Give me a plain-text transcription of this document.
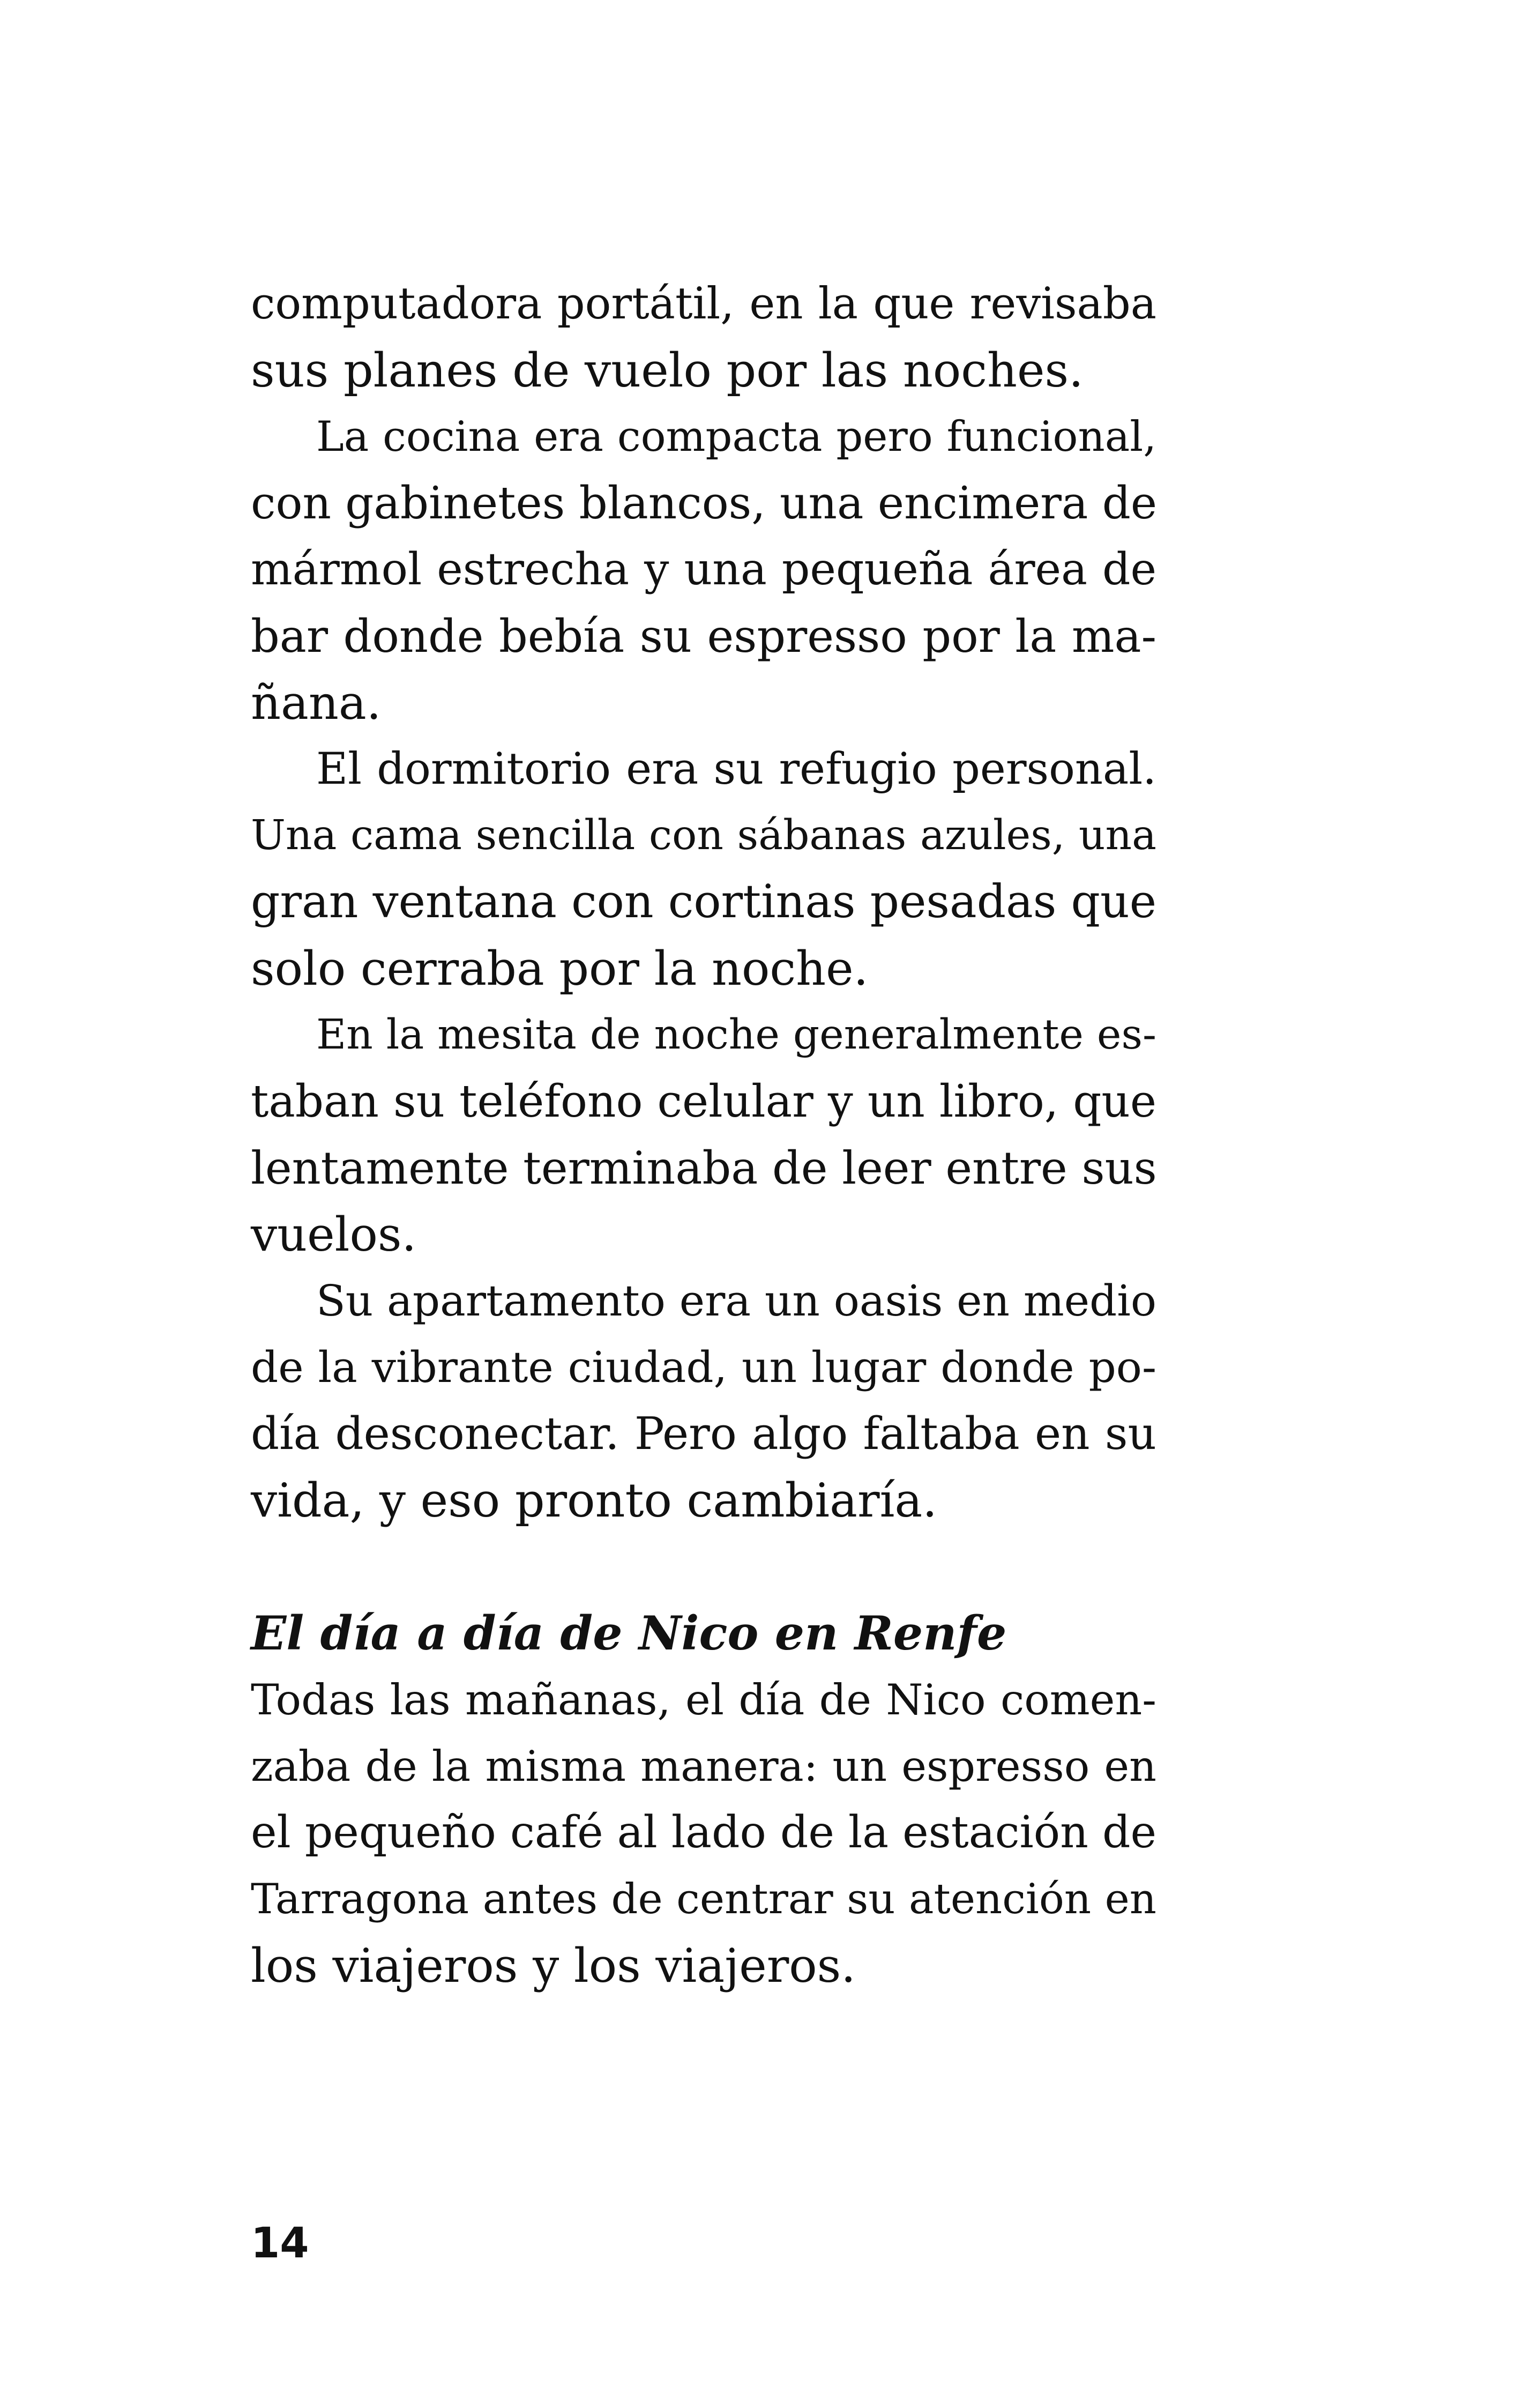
computadora portátil, en la que revisaba
sus planes de vuelo por las noches.
La cocina era compacta pero funcional,
con gabinetes blancos, una encimera de
mármol estrecha y una pequeña área de
bar donde bebía su espresso por la ma-
ñana.
El dormitorio era su refugio personal.
Una cama sencilla con sábanas azules, una
gran ventana con cortinas pesadas que
solo cerraba por la noche.
En la mesita de noche generalmente es-
taban su teléfono celular y un libro, que
lentamente terminaba de leer entre sus
vuelos.
Su apartamento era un oasis en medio
de la vibrante ciudad, un lugar donde po-
día desconectar. Pero algo faltaba en su
vida, y eso pronto cambiaría.
El día a día de Nico en Renfe
Todas las mañanas, el día de Nico comen-
zaba de la misma manera: un espresso en
el pequeño café al lado de la estación de
Tarragona antes de centrar su atención en
los viajeros y los viajeros.
14
